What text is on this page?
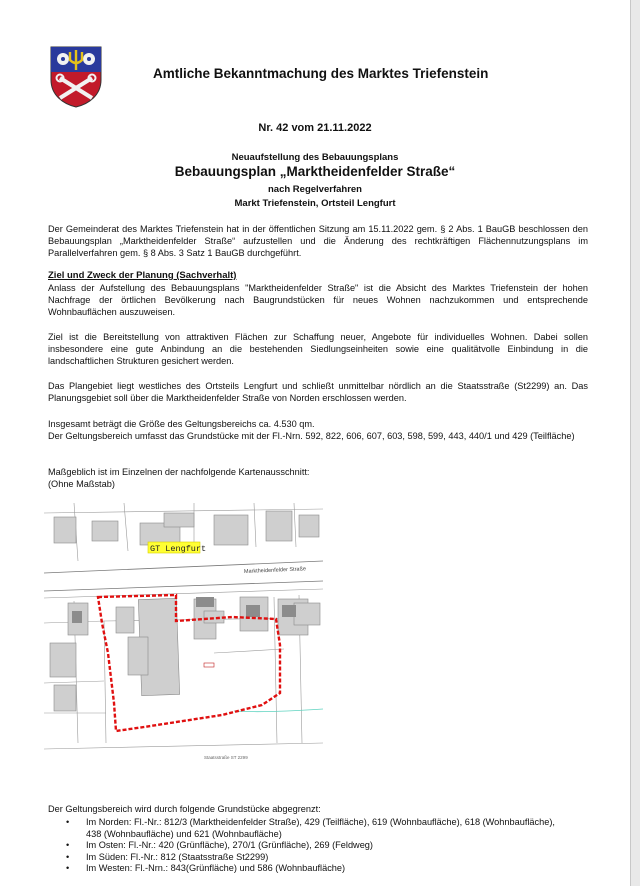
Amtliche Bekanntmachung des Marktes Triefenstein
Nr. 42 vom 21.11.2022
Neuaufstellung des Bebauungsplans
Bebauungsplan „Marktheidenfelder Straße“
nach Regelverfahren
Markt Triefenstein, Ortsteil Lengfurt

Der Gemeinderat des Marktes Triefenstein hat in der öffentlichen Sitzung am 15.11.2022 gem. § 2 Abs. 1 BauGB beschlossen den Bebauungsplan „Marktheidenfelder Straße“ aufzustellen und die Änderung des rechtkräftigen Flächennutzungsplans im Parallelverfahren gem. § 8 Abs. 3 Satz 1 BauGB durchgeführt.

Ziel und Zweck der Planung (Sachverhalt)

Anlass der Aufstellung des Bebauungsplans "Marktheidenfelder Straße" ist die Absicht des Marktes Triefenstein der hohen Nachfrage der örtlichen Bevölkerung nach Baugrundstücken für neues Wohnen nachzukommen und entsprechende Wohnbauflächen auszuweisen.

Ziel ist die Bereitstellung von attraktiven Flächen zur Schaffung neuer, Angebote für individuelles Wohnen. Dabei sollen insbesondere eine gute Anbindung an die bestehenden Siedlungseinheiten sowie eine qualitätvolle Einbindung in die landschaftlichen Strukturen gesichert werden.

Das Plangebiet liegt westliches des Ortsteils Lengfurt und schließt unmittelbar nördlich an die Staatsstraße (St2299) an. Das Planungsgebiet soll über die Marktheidenfelder Straße von Norden erschlossen werden.

Insgesamt beträgt die Größe des Geltungsbereichs ca. 4.530 qm.

Der Geltungsbereich umfasst das Grundstücke mit der Fl.-Nrn. 592, 822, 606, 607, 603, 598, 599, 443, 440/1 und 429 (Teilfläche)

Maßgeblich ist im Einzelnen der nachfolgende Kartenausschnitt:

(Ohne Maßstab)

GT Lengfurt
Marktheidenfelder Straße
Staatsstraße ST 2299

Der Geltungsbereich wird durch folgende Grundstücke abgegrenzt:

• Im Norden: Fl.-Nr.: 812/3 (Marktheidenfelder Straße), 429 (Teilfläche), 619 (Wohnbaufläche), 618 (Wohnbaufläche), 438 (Wohnbaufläche) und 621 (Wohnbaufläche)
• Im Osten: Fl.-Nr.: 420 (Grünfläche), 270/1 (Grünfläche), 269 (Feldweg)
• Im Süden: Fl.-Nr.: 812 (Staatsstraße St2299)
• Im Westen: Fl.-Nrn.: 843(Grünfläche) und 586 (Wohnbaufläche)
